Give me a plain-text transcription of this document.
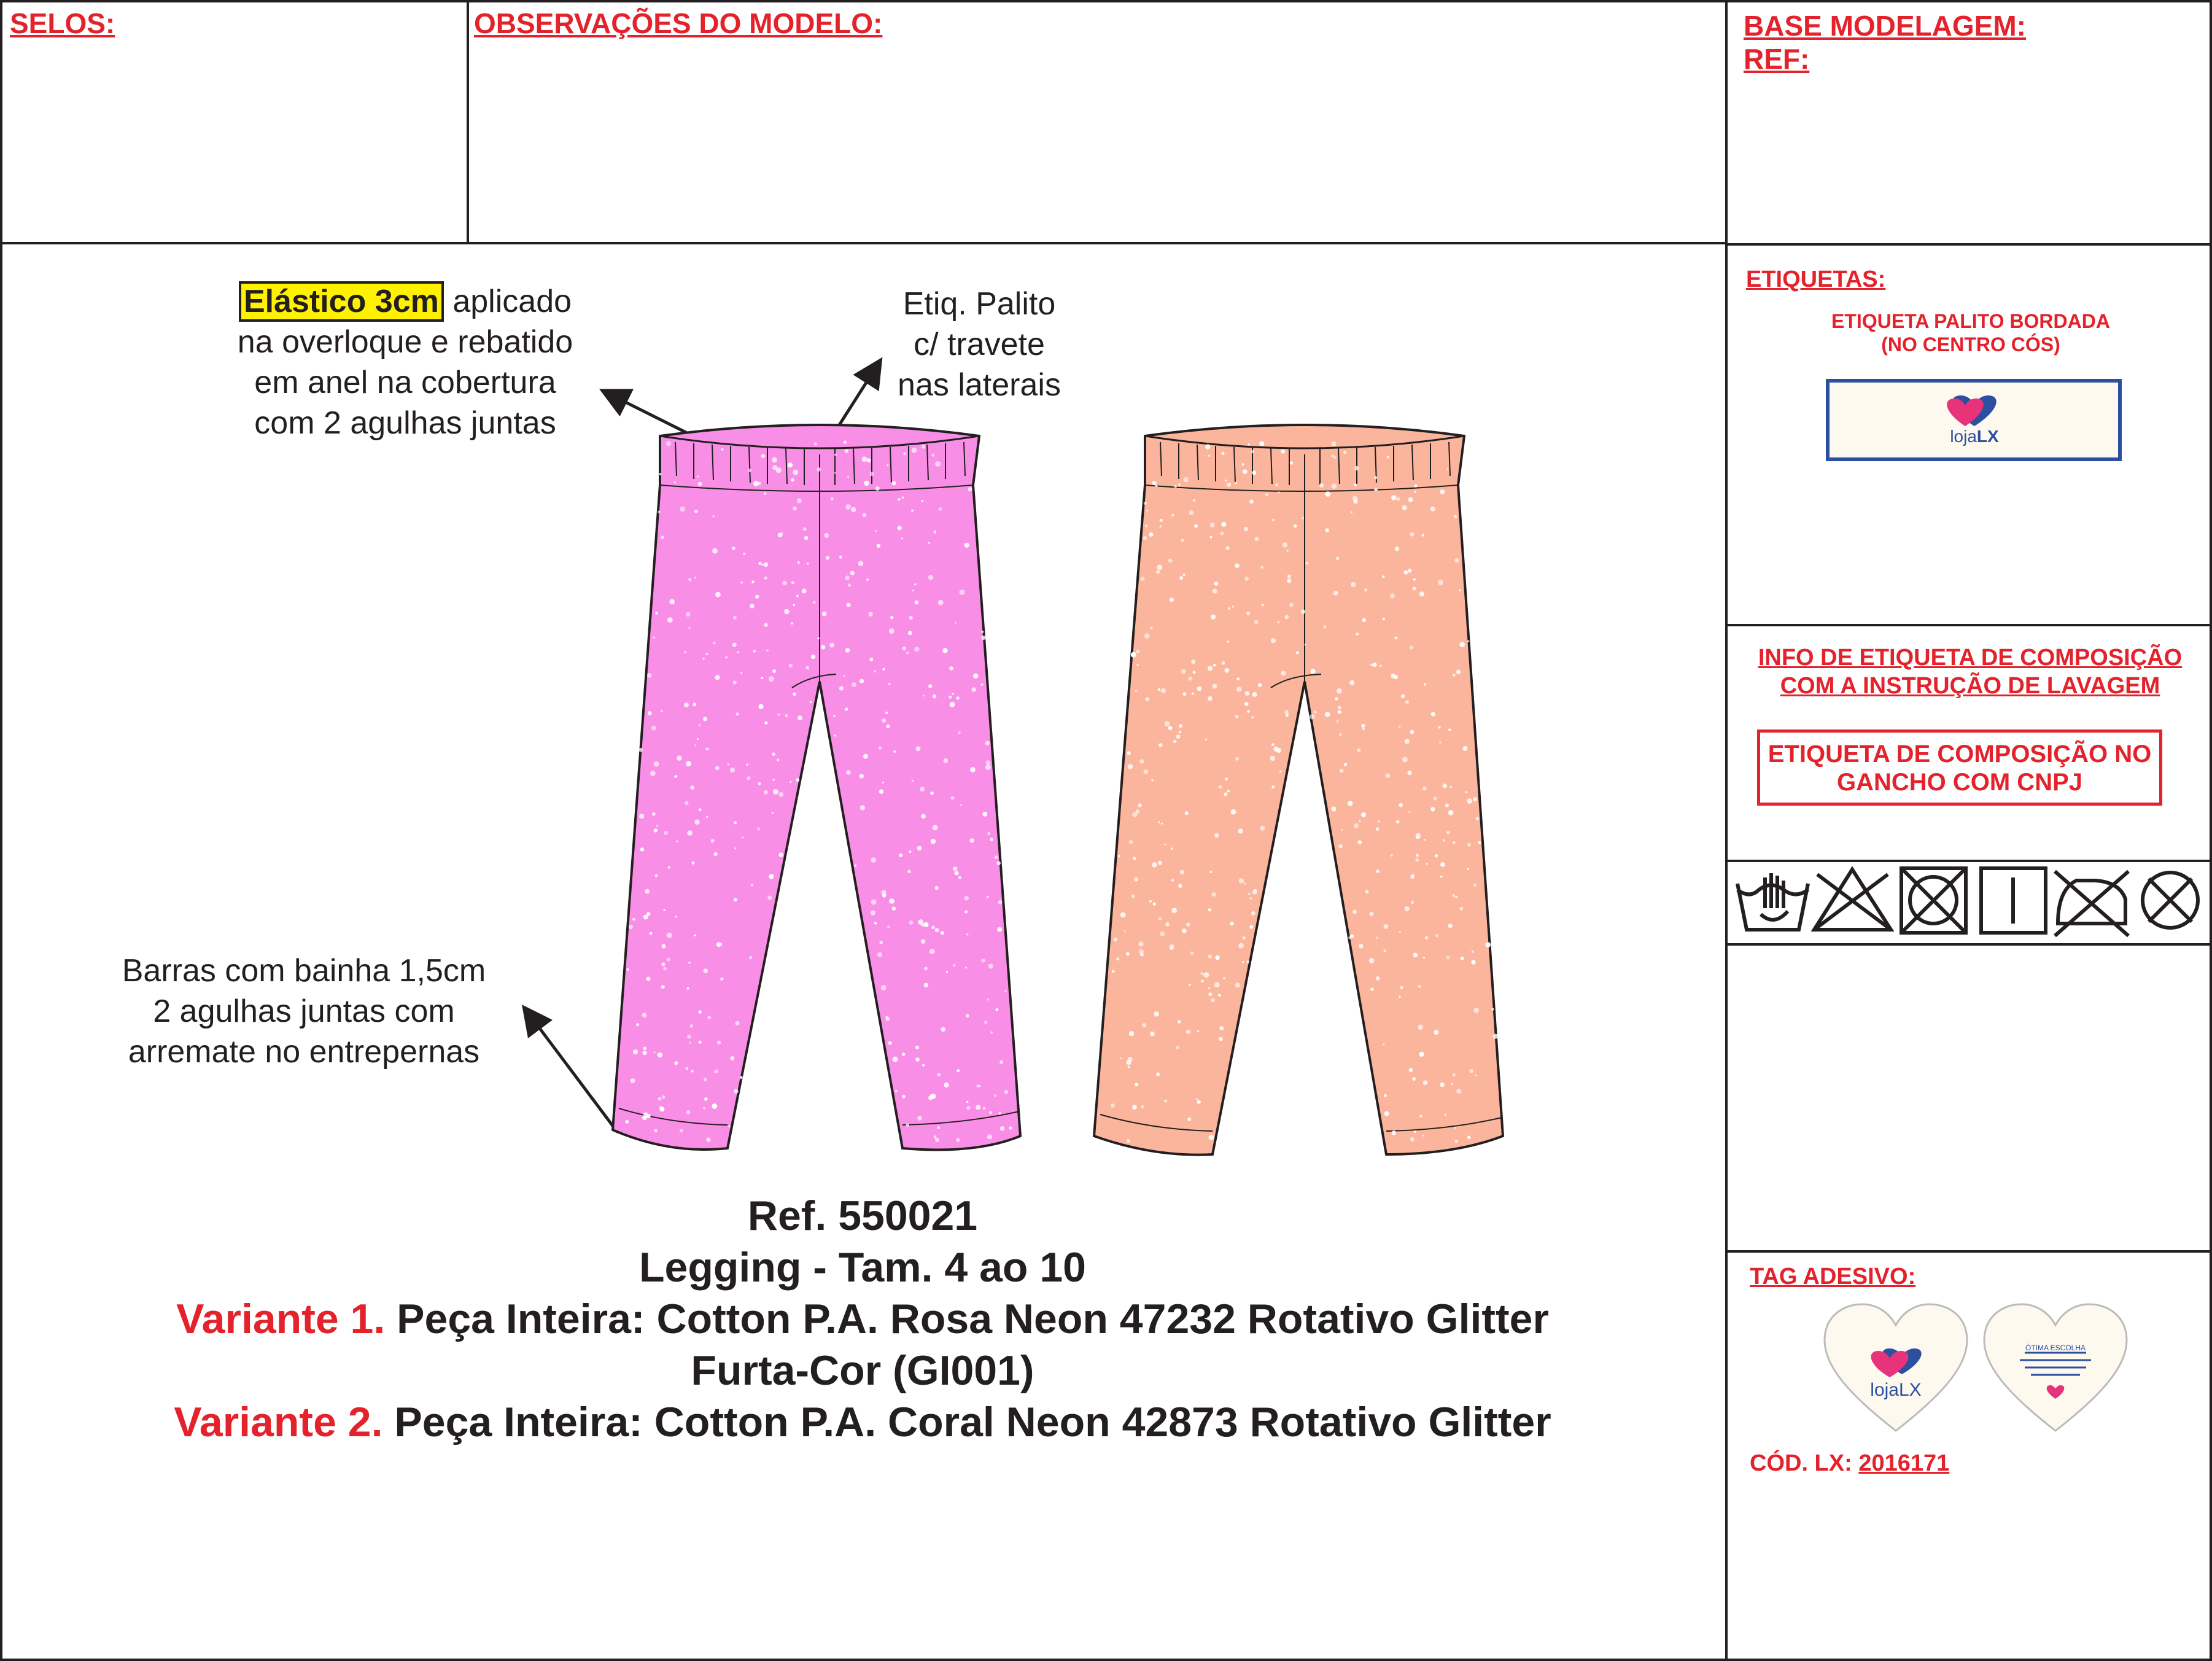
SELOS:	OBSERVAÇÕES DO MODELO:	BASE MODELAGEM:
REF:
Elástico 3cm aplicado
na overloque e rebatido
em anel na cobertura
com 2 agulhas juntas
Etiq. Palito
c/ travete
nas laterais
Barras com bainha 1,5cm
2 agulhas juntas com
arremate no entrepernas
Ref. 550021
Legging - Tam. 4 ao 10
Variante 1. Peça Inteira: Cotton P.A. Rosa Neon 47232 Rotativo Glitter
Furta-Cor (GI001)
Variante 2. Peça Inteira: Cotton P.A. Coral Neon 42873 Rotativo Glitter
ETIQUETAS:
ETIQUETA PALITO BORDADA
(NO CENTRO CÓS)
lojaLX
INFO DE ETIQUETA DE COMPOSIÇÃO
COM A INSTRUÇÃO DE LAVAGEM
ETIQUETA DE COMPOSIÇÃO NO
GANCHO COM CNPJ
TAG ADESIVO:
lojaLX
ÓTIMA ESCOLHA
CÓD. LX: 2016171
